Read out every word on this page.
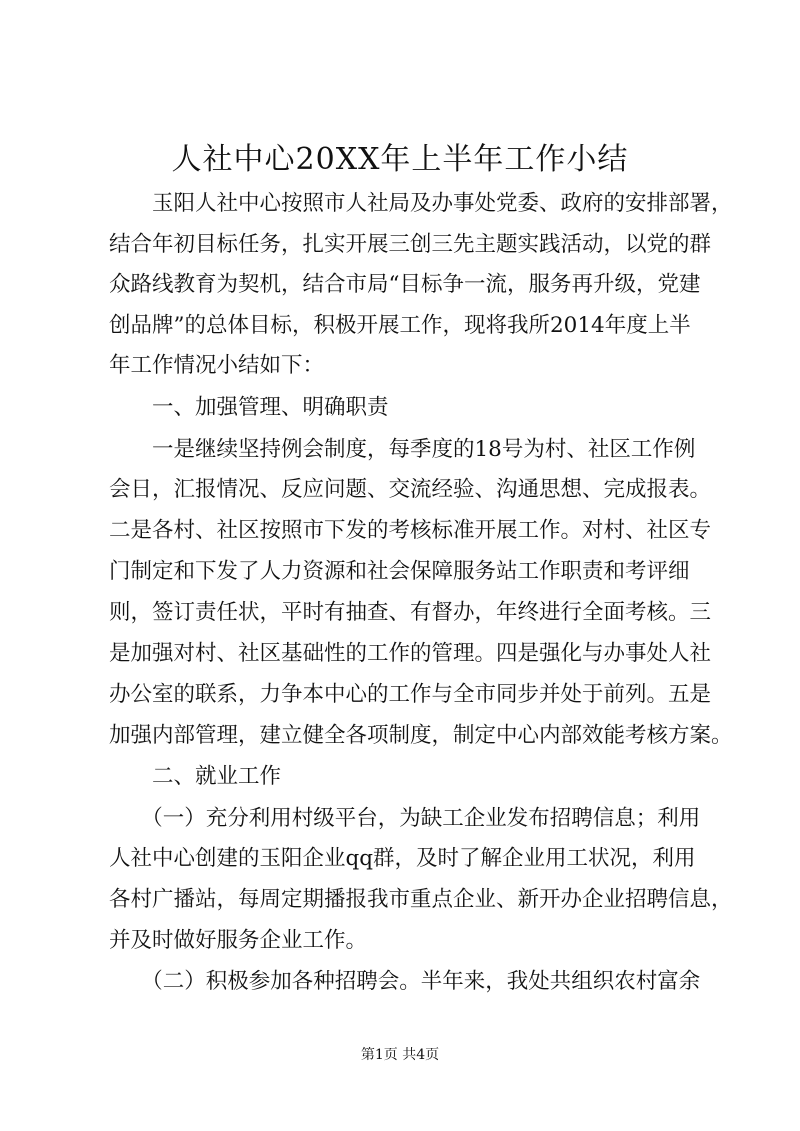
人社中心20XX年上半年工作小结
　　玉阳人社中心按照市人社局及办事处党委、政府的安排部署，
结合年初目标任务，扎实开展三创三先主题实践活动，以党的群
众路线教育为契机，结合市局“目标争一流，服务再升级，党建
创品牌”的总体目标，积极开展工作，现将我所2014年度上半
年工作情况小结如下：
　　一、加强管理、明确职责
　　一是继续坚持例会制度，每季度的18号为村、社区工作例
会日，汇报情况、反应问题、交流经验、沟通思想、完成报表。
二是各村、社区按照市下发的考核标准开展工作。对村、社区专
门制定和下发了人力资源和社会保障服务站工作职责和考评细
则，签订责任状，平时有抽查、有督办，年终进行全面考核。三
是加强对村、社区基础性的工作的管理。四是强化与办事处人社
办公室的联系，力争本中心的工作与全市同步并处于前列。五是
加强内部管理，建立健全各项制度，制定中心内部效能考核方案。
　　二、就业工作
　　（一）充分利用村级平台，为缺工企业发布招聘信息；利用
人社中心创建的玉阳企业qq群，及时了解企业用工状况，利用
各村广播站，每周定期播报我市重点企业、新开办企业招聘信息，
并及时做好服务企业工作。
　　（二）积极参加各种招聘会。半年来，我处共组织农村富余
第1页 共4页
